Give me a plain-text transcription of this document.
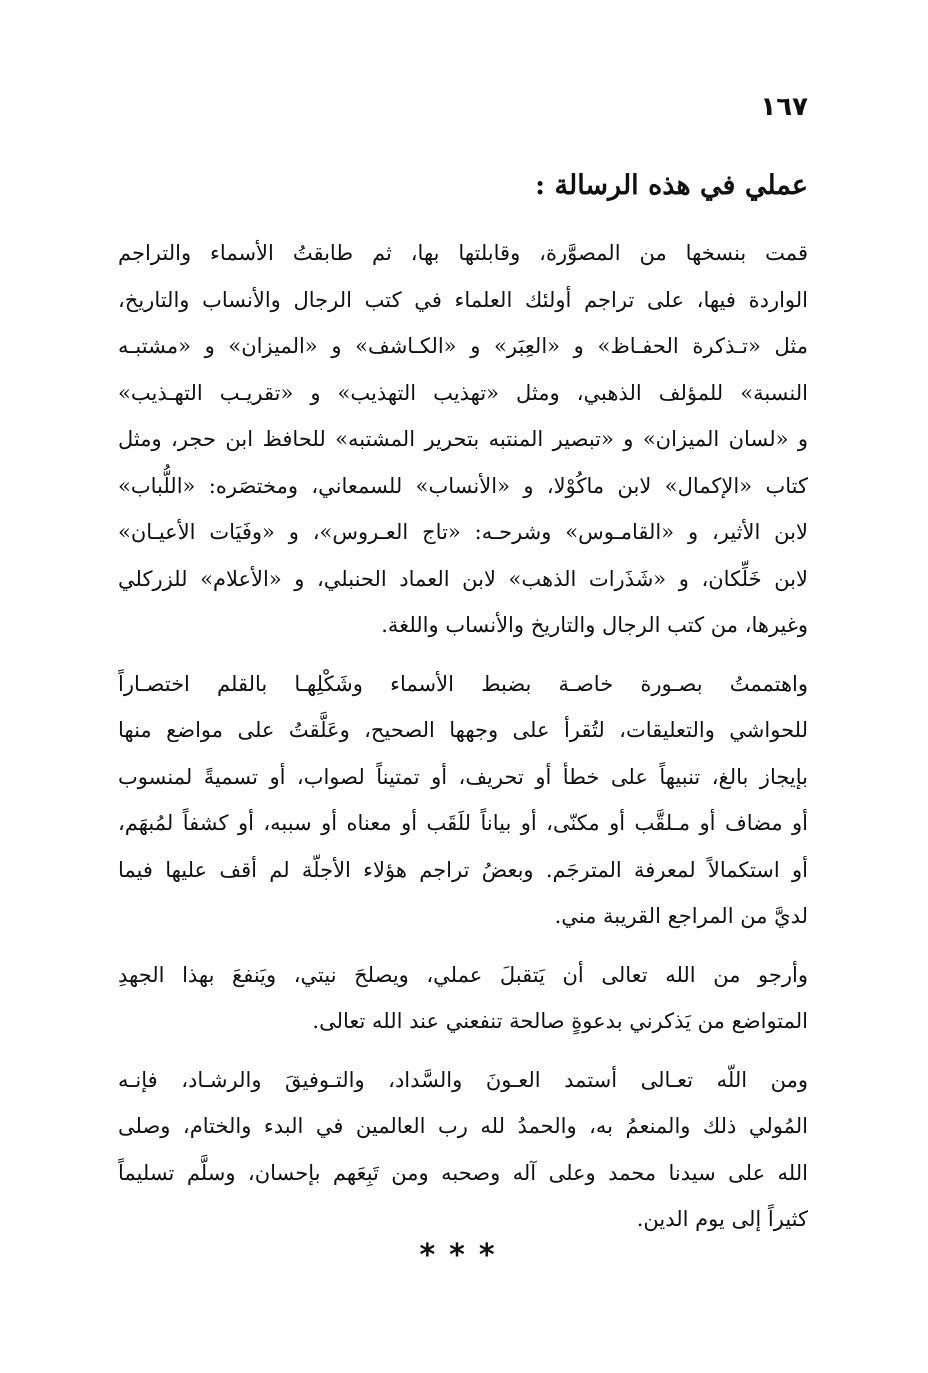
١٦٧
عملي في هذه الرسالة :
قمت بنسخها من المصوَّرة، وقابلتها بها، ثم طابقتُ الأسماء والتراجم
الواردة فيها، على تراجم أولئك العلماء في كتب الرجال والأنساب والتاريخ،
مثل «تـذكرة الحفـاظ» و «العِبَر» و «الكـاشف» و «الميزان» و «مشتبـه
النسبة» للمؤلف الذهبي، ومثل «تهذيب التهذيب» و «تقريـب التهـذيب»
و «لسان الميزان» و «تبصير المنتبه بتحرير المشتبه» للحافظ ابن حجر، ومثل
كتاب «الإكمال» لابن ماكُوْلا، و «الأنساب» للسمعاني، ومختصَره: «اللُّباب»
لابن الأثير، و «القامـوس» وشرحـه: «تاج العـروس»، و «وفَيَات الأعيـان»
لابن خَلِّكان، و «شَذَرات الذهب» لابن العماد الحنبلي، و «الأعلام» للزركلي
وغيرها، من كتب الرجال والتاريخ والأنساب واللغة.
واهتممتُ بصـورة خاصـة بضبط الأسماء وشَكْلِهـا بالقلم اختصـاراً
للحواشي والتعليقات، لتُقرأ على وجهها الصحيح، وعَلَّقتُ على مواضع منها
بإيجاز بالغ، تنبيهاً على خطأ أو تحريف، أو تمتيناً لصواب، أو تسميةً لمنسوب
أو مضاف أو مـلقَّب أو مكنّى، أو بياناً للَقَب أو معناه أو سببه، أو كشفاً لمُبهَم،
أو استكمالاً لمعرفة المترجَم. وبعضُ تراجم هؤلاء الأجلّة لم أقف عليها فيما
لديَّ من المراجع القريبة مني.
وأرجو من الله تعالى أن يَتقبلَ عملي، ويصلحَ نيتي، ويَنفعَ بهذا الجهدِ
المتواضع من يَذكرني بدعوةٍ صالحة تنفعني عند الله تعالى.
ومن اللّه تعـالى أستمد العـونَ والسَّداد، والتـوفيقَ والرشـاد، فإنـه
المُولي ذلك والمنعمُ به، والحمدُ لله رب العالمين في البدء والختام، وصلى
الله على سيدنا محمد وعلى آله وصحبه ومن تَبِعَهم بإحسان، وسلَّم تسليماً
كثيراً إلى يوم الدين.
***
